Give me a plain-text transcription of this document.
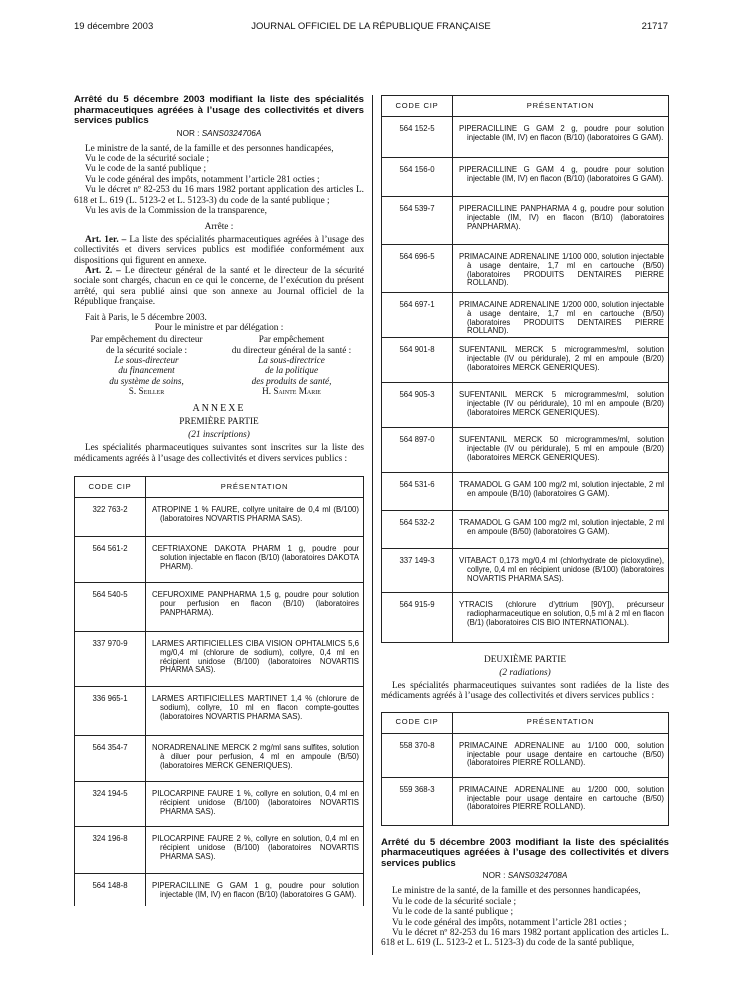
19 décembre 2003	JOURNAL OFFICIEL DE LA RÉPUBLIQUE FRANÇAISE	21717
Arrêté du 5 décembre 2003 modifiant la liste des spécialités pharmaceutiques agréées à l’usage des collectivités et divers services publics
NOR : SANS0324706A

Le ministre de la santé, de la famille et des personnes handicapées,

Vu le code de la sécurité sociale ;

Vu le code de la santé publique ;

Vu le code général des impôts, notamment l’article 281 octies ;

Vu le décret nº 82-253 du 16 mars 1982 portant application des articles L. 618 et L. 619 (L. 5123-2 et L. 5123-3) du code de la santé publique ;

Vu les avis de la Commission de la transparence,

Arrête :

Art. 1er. – La liste des spécialités pharmaceutiques agréées à l’usage des collectivités et divers services publics est modifiée conformément aux dispositions qui figurent en annexe.

Art. 2. – Le directeur général de la santé et le directeur de la sécurité sociale sont chargés, chacun en ce qui le concerne, de l’exécution du présent arrêté, qui sera publié ainsi que son annexe au Journal officiel de la République française.

Fait à Paris, le 5 décembre 2003.

Pour le ministre et par délégation :

Par empêchement du directeur
de la sécurité sociale :
Le sous-directeur
du financement
du système de soins,
S. Seiller
Par empêchement
du directeur général de la santé :
La sous-directrice
de la politique
des produits de santé,
H. Sainte Marie
ANNEXE
PREMIÈRE PARTIE
(21 inscriptions)

Les spécialités pharmaceutiques suivantes sont inscrites sur la liste des médicaments agréés à l’usage des collectivités et divers services publics :

CODE CIP	PRÉSENTATION
322 763-2	ATROPINE 1 % FAURE, collyre unitaire de 0,4 ml (B/100) (laboratoires NOVARTIS PHARMA SAS).

564 561-2	CEFTRIAXONE DAKOTA PHARM 1 g, poudre pour solution injectable en flacon (B/10) (laboratoires DAKOTA PHARM).

564 540-5	CEFUROXIME PANPHARMA 1,5 g, poudre pour solution pour perfusion en flacon (B/10) (laboratoires PANPHARMA).

337 970-9	LARMES ARTIFICIELLES CIBA VISION OPHTALMICS 5,6 mg/0,4 ml (chlorure de sodium), collyre, 0,4 ml en récipient unidose (B/100) (laboratoires NOVARTIS PHARMA SAS).

336 965-1	LARMES ARTIFICIELLES MARTINET 1,4 % (chlorure de sodium), collyre, 10 ml en flacon compte-gouttes (laboratoires NOVARTIS PHARMA SAS).

564 354-7	NORADRENALINE MERCK 2 mg/ml sans sulfites, solution à diluer pour perfusion, 4 ml en ampoule (B/50) (laboratoires MERCK GENERIQUES).

324 194-5	PILOCARPINE FAURE 1 %, collyre en solution, 0,4 ml en récipient unidose (B/100) (laboratoires NOVARTIS PHARMA SAS).

324 196-8	PILOCARPINE FAURE 2 %, collyre en solution, 0,4 ml en récipient unidose (B/100) (laboratoires NOVARTIS PHARMA SAS).

564 148-8	PIPERACILLINE G GAM 1 g, poudre pour solution injectable (IM, IV) en flacon (B/10) (laboratoires G GAM).
CODE CIP	PRÉSENTATION
564 152-5	PIPERACILLINE G GAM 2 g, poudre pour solution injectable (IM, IV) en flacon (B/10) (laboratoires G GAM).

564 156-0	PIPERACILLINE G GAM 4 g, poudre pour solution injectable (IM, IV) en flacon (B/10) (laboratoires G GAM).

564 539-7	PIPERACILLINE PANPHARMA 4 g, poudre pour solution injectable (IM, IV) en flacon (B/10) (laboratoires PANPHARMA).

564 696-5	PRIMACAINE ADRENALINE 1/100 000, solution injectable à usage dentaire, 1,7 ml en cartouche (B/50) (laboratoires PRODUITS DENTAIRES PIERRE ROLLAND).

564 697-1	PRIMACAINE ADRENALINE 1/200 000, solution injectable à usage dentaire, 1,7 ml en cartouche (B/50) (laboratoires PRODUITS DENTAIRES PIERRE ROLLAND).

564 901-8	SUFENTANIL MERCK 5 microgrammes/ml, solution injectable (IV ou péridurale), 2 ml en ampoule (B/20) (laboratoires MERCK GENERIQUES).

564 905-3	SUFENTANIL MERCK 5 microgrammes/ml, solution injectable (IV ou péridurale), 10 ml en ampoule (B/20) (laboratoires MERCK GENERIQUES).

564 897-0	SUFENTANIL MERCK 50 microgrammes/ml, solution injectable (IV ou péridurale), 5 ml en ampoule (B/20) (laboratoires MERCK GENERIQUES).

564 531-6	TRAMADOL G GAM 100 mg/2 ml, solution injectable, 2 ml en ampoule (B/10) (laboratoires G GAM).

564 532-2	TRAMADOL G GAM 100 mg/2 ml, solution injectable, 2 ml en ampoule (B/50) (laboratoires G GAM).

337 149-3	VITABACT 0,173 mg/0,4 ml (chlorhydrate de picloxydine), collyre, 0,4 ml en récipient unidose (B/100) (laboratoires NOVARTIS PHARMA SAS).

564 915-9	YTRACIS (chlorure d’yttrium [90Y]), précurseur radiopharmaceutique en solution, 0,5 ml à 2 ml en flacon (B/1) (laboratoires CIS BIO INTERNATIONAL).
DEUXIÈME PARTIE
(2 radiations)

Les spécialités pharmaceutiques suivantes sont radiées de la liste des médicaments agréés à l’usage des collectivités et divers services publics :

CODE CIP	PRÉSENTATION
558 370-8	PRIMACAINE ADRENALINE au 1/100 000, solution injectable pour usage dentaire en cartouche (B/50) (laboratoires PIERRE ROLLAND).

559 368-3	PRIMACAINE ADRENALINE au 1/200 000, solution injectable pour usage dentaire en cartouche (B/50) (laboratoires PIERRE ROLLAND).
Arrêté du 5 décembre 2003 modifiant la liste des spécialités pharmaceutiques agréées à l’usage des collectivités et divers services publics
NOR : SANS0324708A

Le ministre de la santé, de la famille et des personnes handicapées,

Vu le code de la sécurité sociale ;

Vu le code de la santé publique ;

Vu le code général des impôts, notamment l’article 281 octies ;

Vu le décret nº 82-253 du 16 mars 1982 portant application des articles L. 618 et L. 619 (L. 5123-2 et L. 5123-3) du code de la santé publique,
